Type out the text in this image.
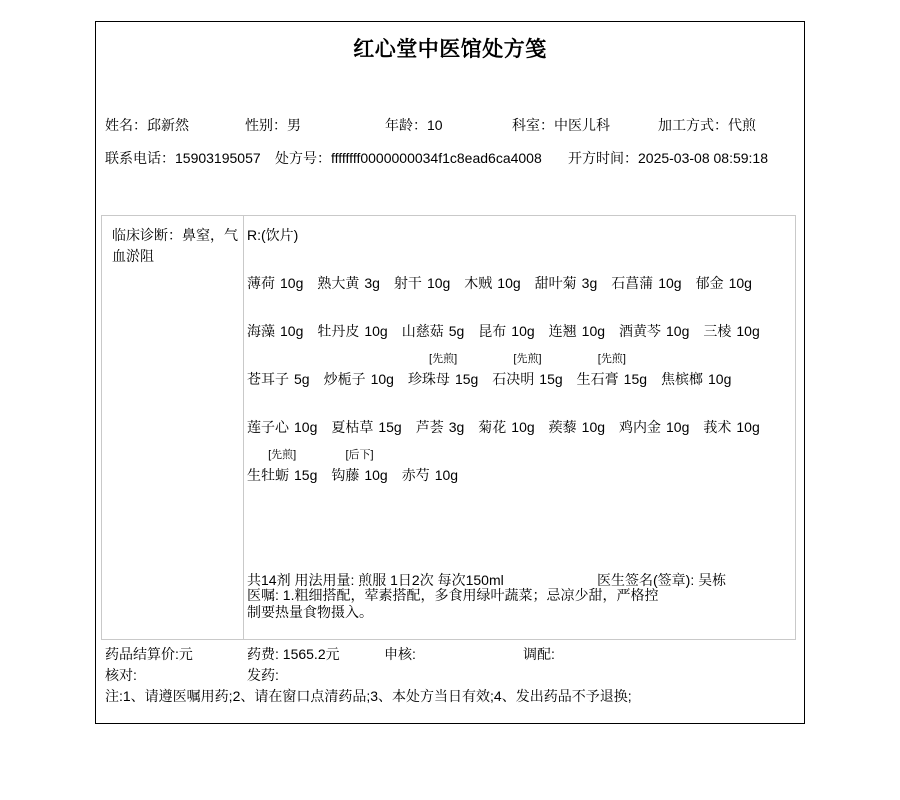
红心堂中医馆处方笺
姓名：邱新然	性别：男	年龄：10	科室：中医儿科	加工方式：代煎
联系电话：15903195057 处方号：ffffffff0000000034f1c8ead6ca4008 开方时间：2025-03-08 08:59:18
临床诊断：鼻窒，气血淤阻
R:(饮片)
薄荷 10g 熟大黄 3g 射干 10g 木贼 10g 甜叶菊 3g 石菖蒲 10g 郁金 10g
海藻 10g 牡丹皮 10g 山慈菇 5g 昆布 10g 连翘 10g 酒黄芩 10g 三棱 10g
苍耳子 5g 炒栀子 10g
[先煎]
珍珠母 15g
[先煎]
石决明 15g
[先煎]
生石膏 15g 焦槟榔 10g
莲子心 10g 夏枯草 15g 芦荟 3g 菊花 10g 蒺藜 10g 鸡内金 10g 莪术 10g
[先煎]
生牡蛎 15g
[后下]
钩藤 10g 赤芍 10g
共14剂 用法用量: 煎服 1日2次 每次150ml	医生签名(签章): 吴栋
医嘱: 1.粗细搭配，荤素搭配，多食用绿叶蔬菜；忌凉少甜，严格控制要热量食物摄入。
药品结算价:元	药费: 1565.2元	申核:	调配:
核对:	发药:
注:1、请遵医嘱用药;2、请在窗口点清药品;3、本处方当日有效;4、发出药品不予退换;
